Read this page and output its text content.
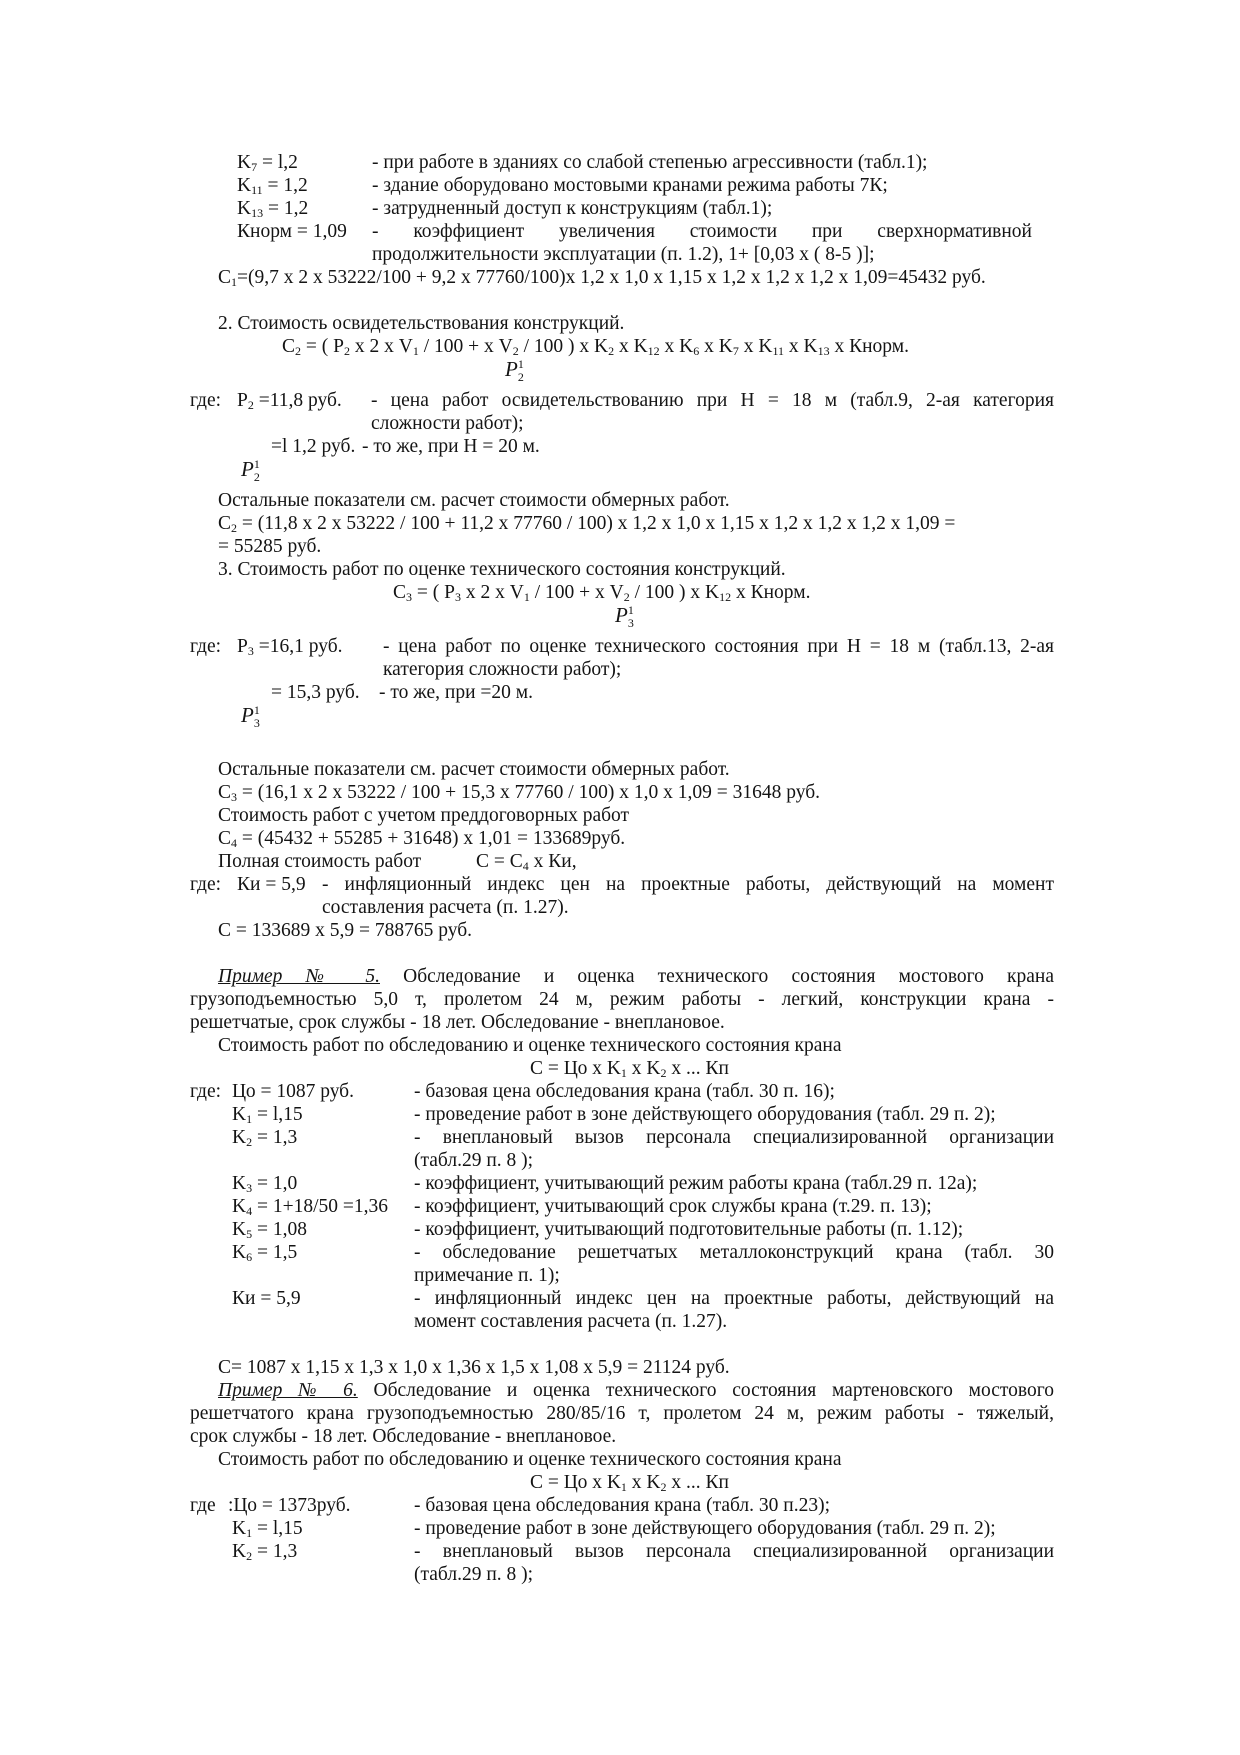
$K_7 = l,2$	- при работе в зданиях со слабой степенью агрессивности (табл.1);
$K_{11} = 1,2$	- здание оборудовано мостовыми кранами режима работы 7К;
$K_{13} = 1,2$	- затрудненный доступ к конструкциям (табл.1);
Кнорм = 1,09 - коэффициент увеличения стоимости при сверхнормативной
продолжительности эксплуатации (п. 1.2), 1+ [0,03 х ( 8-5 )];
$C_1=(9,7$ х 2 х 53222/100 + 9,2 х 77760/100)х 1,2 х 1,0 х 1,15 х 1,2 х 1,2 х 1,2 х 1,09=45432 руб.
2. Стоимость освидетельствования конструкций.
$C_2$ = ( $P_2$ х 2 х $V_1 / 100 + х$ $V_2 / 100$ ) х $K_2$ х $K_{12}$ х $K_6$ х $K_7$ х $K_{11}$ х $K_{13}$ х Кнорм.
$P^1_2$
где: $P_2 =11,8$ руб. - цена работ освидетельствованию при Н = 18 м (табл.9, 2-ая категория
сложности работ);
=l 1,2 руб. - то же, при Н = 20 м.
$P^1_2$
Остальные показатели см. расчет стоимости обмерных работ.
$C_2 = (11,8$ х 2 х 53222 / 100 + 11,2 х 77760 / 100) х 1,2 х 1,0 х 1,15 х 1,2 х 1,2 х 1,2 х 1,09 =
= 55285 руб.
3. Стоимость работ по оценке технического состояния конструкций.
$C_3$ = ( $P_3$ х 2 х $V_1 / 100 + х$ $V_2 / 100$ ) х $K_{12}$ х Кнорм.
$P^1_3$
где: $P_3 =16,1$ руб. - цена работ по оценке технического состояния при Н = 18 м (табл.13, 2-ая
категория сложности работ);
= 15,3 руб. - то же, при =20 м.
$P^1_3$
Остальные показатели см. расчет стоимости обмерных работ.
$C_3 = (16,1$ х 2 х 53222 / 100 + 15,3 х 77760 / 100) х 1,0 х 1,09 = 31648 руб.
Стоимость работ с учетом преддоговорных работ
$C_4 = (45432 + 55285 + 31648)$ х 1,01 = 133689руб.
Полная стоимость работ	$С = C_4$ х Ки,
где: Ки = 5,9 - инфляционный индекс цен на проектные работы, действующий на момент
составления расчета (п. 1.27).
С = 133689 х 5,9 = 788765 руб.
Пример № 5. Обследование и оценка технического состояния мостового крана
грузоподъемностью 5,0 т, пролетом 24 м, режим работы - легкий, конструкции крана -
решетчатые, срок службы - 18 лет. Обследование - внеплановое.
Стоимость работ по обследованию и оценке технического состояния крана
С = Цо х $K_1$ х $K_2$ х ... Кп
где: Цо = 1087 руб.	- базовая цена обследования крана (табл. 30 п. 16);
$K_1 = l,15$	- проведение работ в зоне действующего оборудования (табл. 29 п. 2);
$K_2 = 1,3$	- внеплановый вызов персонала специализированной организации
(табл.29 п. 8 );
$K_3 = 1,0$	- коэффициент, учитывающий режим работы крана (табл.29 п. 12а);
$K_4 = 1+18/50 =1,36$ - коэффициент, учитывающий срок службы крана (т.29. п. 13);
$K_5 = 1,08$	- коэффициент, учитывающий подготовительные работы (п. 1.12);
$K_6 = 1,5$	- обследование решетчатых металлоконструкций крана (табл. 30
примечание п. 1);
Ки = 5,9	- инфляционный индекс цен на проектные работы, действующий на
момент составления расчета (п. 1.27).
С= 1087 х 1,15 х 1,3 х 1,0 х 1,36 х 1,5 х 1,08 х 5,9 = 21124 руб.
Пример № 6. Обследование и оценка технического состояния мартеновского мостового
решетчатого крана грузоподъемностью 280/85/16 т, пролетом 24 м, режим работы - тяжелый,
срок службы - 18 лет. Обследование - внеплановое.
Стоимость работ по обследованию и оценке технического состояния крана
С = Цо х $K_1$ х $K_2$ х ... Кп
где :Цо = 1373руб.	- базовая цена обследования крана (табл. 30 п.23);
$K_1 = l,15$	- проведение работ в зоне действующего оборудования (табл. 29 п. 2);
$K_2 = 1,3$	- внеплановый вызов персонала специализированной организации
(табл.29 п. 8 );
